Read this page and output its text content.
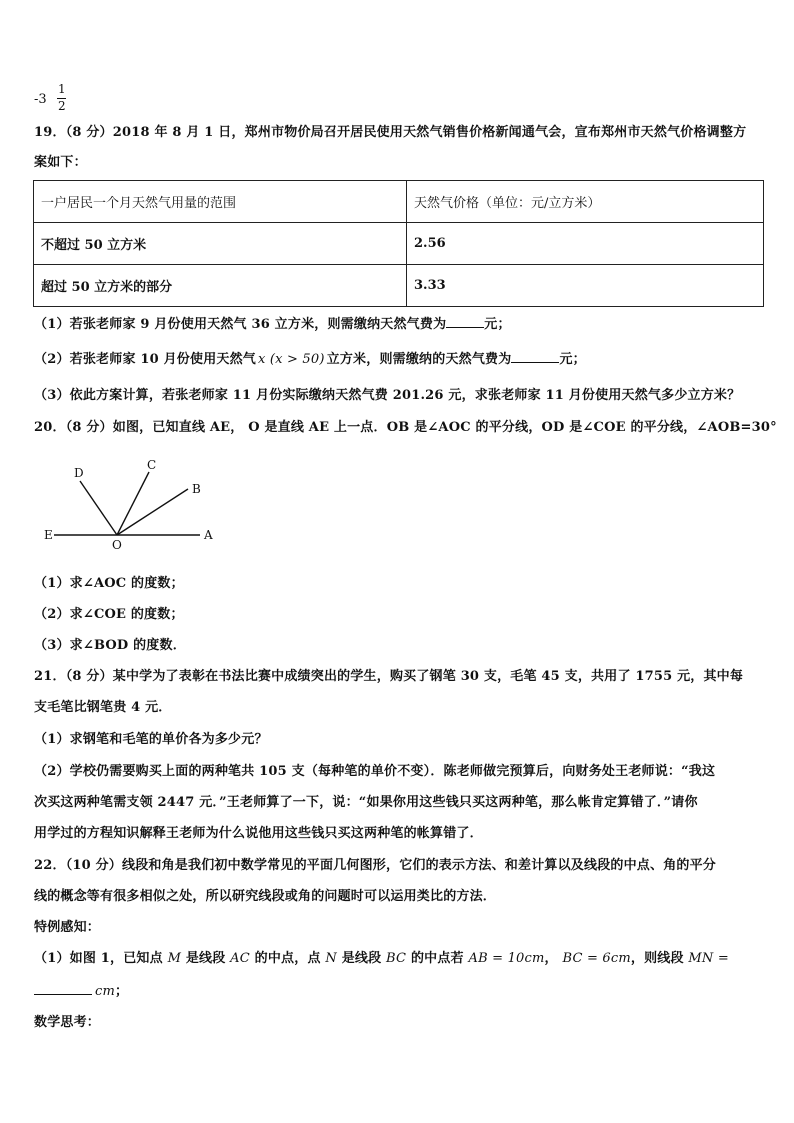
-3
1
2
19．（8 分）2018 年 8 月 1 日，郑州市物价局召开居民使用天然气销售价格新闻通气会，宣布郑州市天然气价格调整方
案如下：
一户居民一个月天然气用量的范围	天然气价格（单位：元/立方米）
不超过 50 立方米	2.56
超过 50 立方米的部分	3.33
（1）若张老师家 9 月份使用天然气 36 立方米，则需缴纳天然气费为	元；
（2）若张老师家 10 月份使用天然气 x (x > 50) 立方米，则需缴纳的天然气费为	元；
（3）依此方案计算，若张老师家 11 月份实际缴纳天然气费 201.26 元，求张老师家 11 月份使用天然气多少立方米？
20．（8 分）如图，已知直线 AE， O 是直线 AE 上一点．OB 是∠AOC 的平分线，OD 是∠COE 的平分线，∠AOB=30°
D
C
B
E
O
A
（1）求∠AOC 的度数；
（2）求∠COE 的度数；
（3）求∠BOD 的度数．
21．（8 分）某中学为了表彰在书法比赛中成绩突出的学生，购买了钢笔 30 支，毛笔 45 支，共用了 1755 元，其中每
支毛笔比钢笔贵 4 元．
（1）求钢笔和毛笔的单价各为多少元？
（2）学校仍需要购买上面的两种笔共 105 支（每种笔的单价不变）．陈老师做完预算后，向财务处王老师说：“我这
次买这两种笔需支领 2447 元．”王老师算了一下，说：“如果你用这些钱只买这两种笔，那么帐肯定算错了．”请你
用学过的方程知识解释王老师为什么说他用这些钱只买这两种笔的帐算错了．
22．（10 分）线段和角是我们初中数学常见的平面几何图形，它们的表示方法、和差计算以及线段的中点、角的平分
线的概念等有很多相似之处，所以研究线段或角的问题时可以运用类比的方法．
特例感知：
（1）如图 1，已知点 M 是线段 AC 的中点，点 N 是线段 BC 的中点若 AB = 10cm， BC = 6cm，则线段 MN =
cm；
数学思考：
